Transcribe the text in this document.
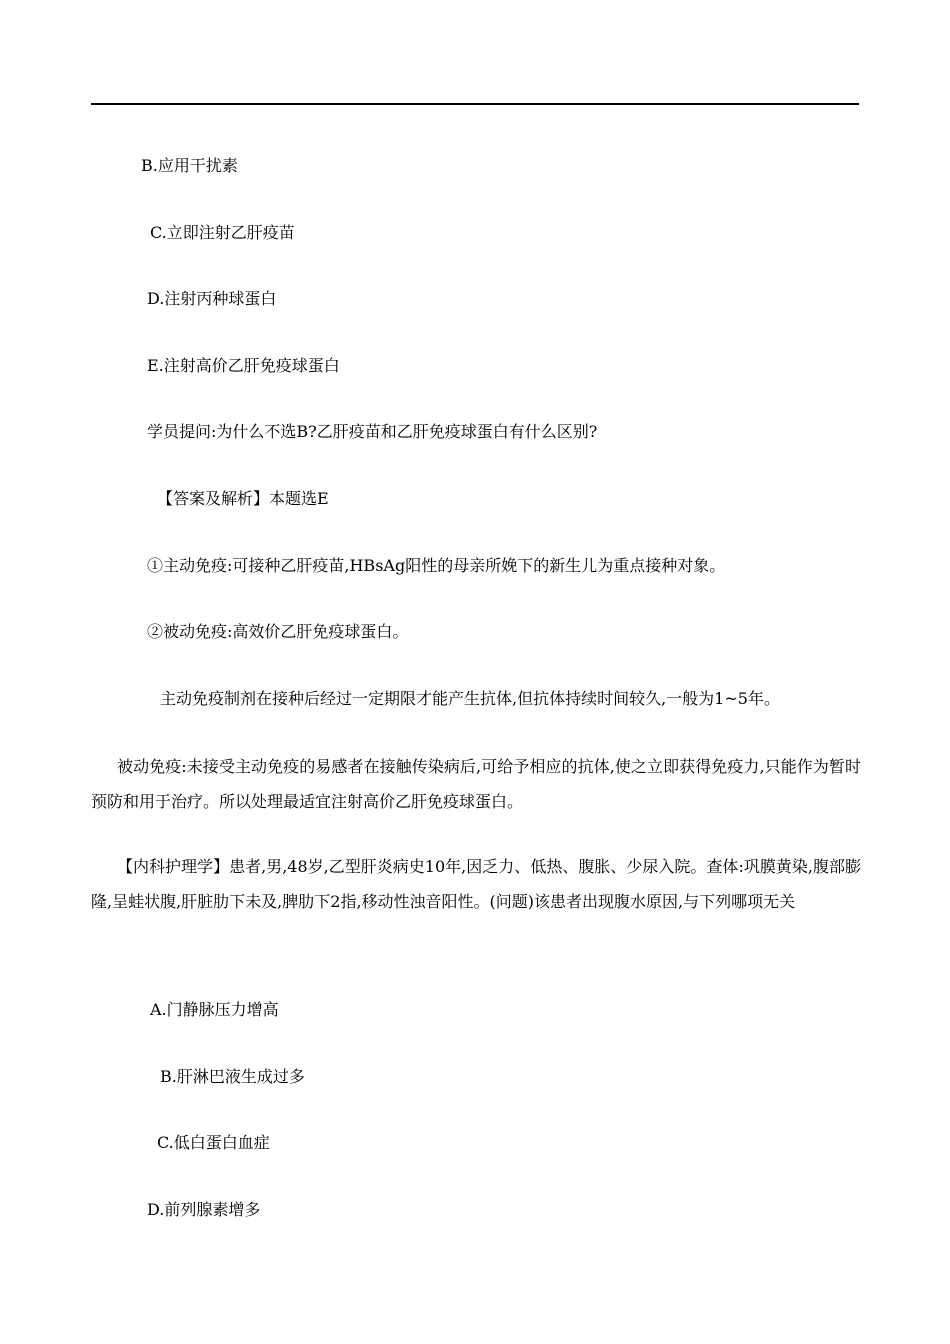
B.应用干扰素
C.立即注射乙肝疫苗
D.注射丙种球蛋白
E.注射高价乙肝免疫球蛋白
学员提问:为什么不选B?乙肝疫苗和乙肝免疫球蛋白有什么区别?
【答案及解析】本题选E
①主动免疫:可接种乙肝疫苗,HBsAg阳性的母亲所娩下的新生儿为重点接种对象。
②被动免疫:高效价乙肝免疫球蛋白。
主动免疫制剂在接种后经过一定期限才能产生抗体,但抗体持续时间较久,一般为1~5年。
被动免疫:未接受主动免疫的易感者在接触传染病后,可给予相应的抗体,使之立即获得免疫力,只能作为暂时预防和用于治疗。所以处理最适宜注射高价乙肝免疫球蛋白。
【内科护理学】患者,男,48岁,乙型肝炎病史10年,因乏力、低热、腹胀、少尿入院。查体:巩膜黄染,腹部膨隆,呈蛙状腹,肝脏肋下未及,脾肋下2指,移动性浊音阳性。(问题)该患者出现腹水原因,与下列哪项无关
A.门静脉压力增高
B.肝淋巴液生成过多
C.低白蛋白血症
D.前列腺素增多
